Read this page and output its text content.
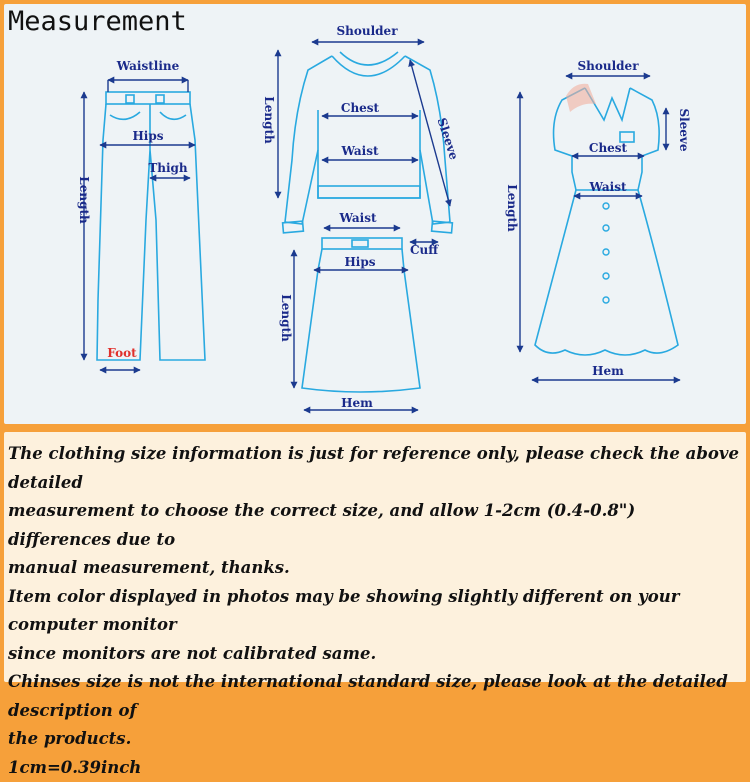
Measurement
Waistline
Hips
Thigh
Length
Foot
Shoulder
Chest
Waist
Length	Sleeve
Cuff
Waist
Hips
Length
Hem
Shoulder
Sleeve
Chest
Waist
Length
Hem

The clothing size information is just for reference only, please check the above detailed

measurement to choose the correct size, and allow 1-2cm (0.4-0.8") differences due to

manual measurement, thanks.

Item color displayed in photos may be showing slightly different on your computer monitor

since monitors are not calibrated same.

Chinses size is not the international standard size, please look at the detailed description of

the products.

1cm=0.39inch
